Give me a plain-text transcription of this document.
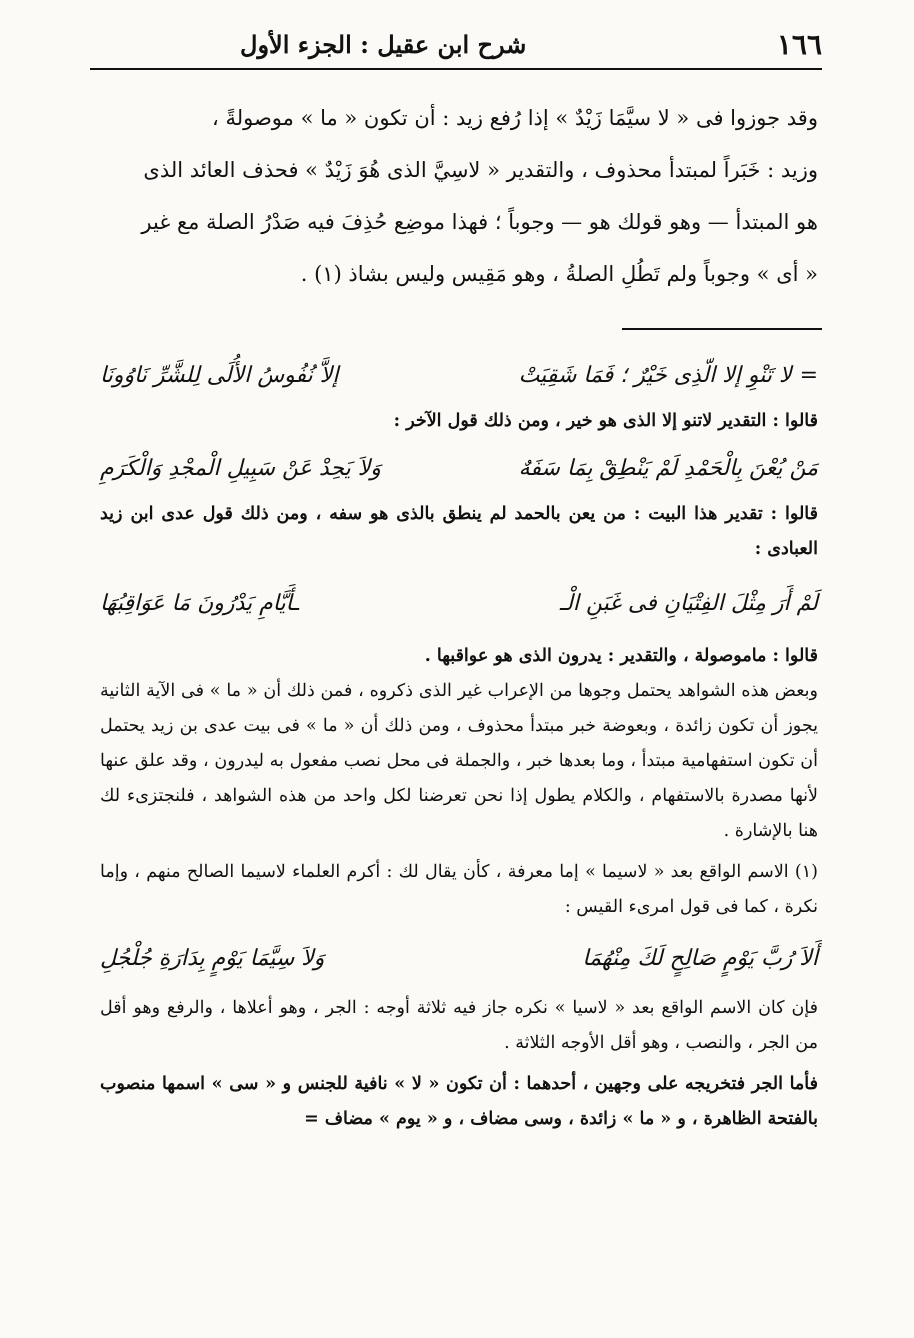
١٦٦
شرح ابن عقيل : الجزء الأول

وقد جوزوا فى « لا سيَّمَا زَيْدٌ » إذا رُفع زيد : أن تكون « ما » موصولةً ،

وزيد : خَبَراً لمبتدأ محذوف ، والتقدير « لاسِيَّ الذى هُوَ زَيْدٌ » فحذف العائد الذى

هو المبتدأ — وهو قولك هو — وجوباً ؛ فهذا موضِع حُذِفَ فيه صَدْرُ الصلة مع غير

« أى » وجوباً ولم تَطُلِ الصلةُ ، وهو مَقِيس وليس بشاذ (١) .

=لا تَنْوِ إلا الّذِى خَيْرٌ ؛ فَمَا شَقِيَتْ
إلاَّ نُفُوسُ الأُلَى لِلشَّرِّ نَاوُونَا

قالوا : التقدير لاتنو إلا الذى هو خير ، ومن ذلك قول الآخر :

مَنْ يُعْنَ بِالْحَمْدِ لَمْ يَنْطِقْ بِمَا سَفَهٌ
وَلاَ يَحِدْ عَنْ سَبِيلِ الْمجْدِ وَالْكَرَمِ

قالوا : تقدير هذا البيت : من يعن بالحمد لم ينطق بالذى هو سفه ، ومن ذلك قول عدى ابن زيد العبادى :

لَمْ أَرَ مِثْلَ الفِتْيَانِ فى غَبَنِ الْـ
ـأَيَّامِ يَدْرُونَ مَا عَوَاقِبُهَا

قالوا : ماموصولة ، والتقدير : يدرون الذى هو عواقبها .

وبعض هذه الشواهد يحتمل وجوها من الإعراب غير الذى ذكروه ، فمن ذلك أن « ما » فى الآية الثانية يجوز أن تكون زائدة ، وبعوضة خبر مبتدأ محذوف ، ومن ذلك أن « ما » فى بيت عدى بن زيد يحتمل أن تكون استفهامية مبتدأ ، وما بعدها خبر ، والجملة فى محل نصب مفعول به ليدرون ، وقد علق عنها لأنها مصدرة بالاستفهام ، والكلام يطول إذا نحن تعرضنا لكل واحد من هذه الشواهد ، فلنجتزىء لك هنا بالإشارة .

(١) الاسم الواقع بعد « لاسيما » إما معرفة ، كأن يقال لك : أكرم العلماء لاسيما الصالح منهم ، وإما نكرة ، كما فى قول امرىء القيس :

أَلاَ رُبَّ يَوْمٍ صَالِحٍ لَكَ مِنْهُمَا
وَلاَ سِيَّمَا يَوْمٍ بِدَارَةِ جُلْجُلِ

فإن كان الاسم الواقع بعد « لاسيا » نكره جاز فيه ثلاثة أوجه : الجر ، وهو أعلاها ، والرفع وهو أقل من الجر ، والنصب ، وهو أقل الأوجه الثلاثة .

فأما الجر فتخريجه على وجهين ، أحدهما : أن تكون « لا » نافية للجنس و « سى » اسمها منصوب بالفتحة الظاهرة ، و « ما » زائدة ، وسى مضاف ، و « يوم » مضاف =
